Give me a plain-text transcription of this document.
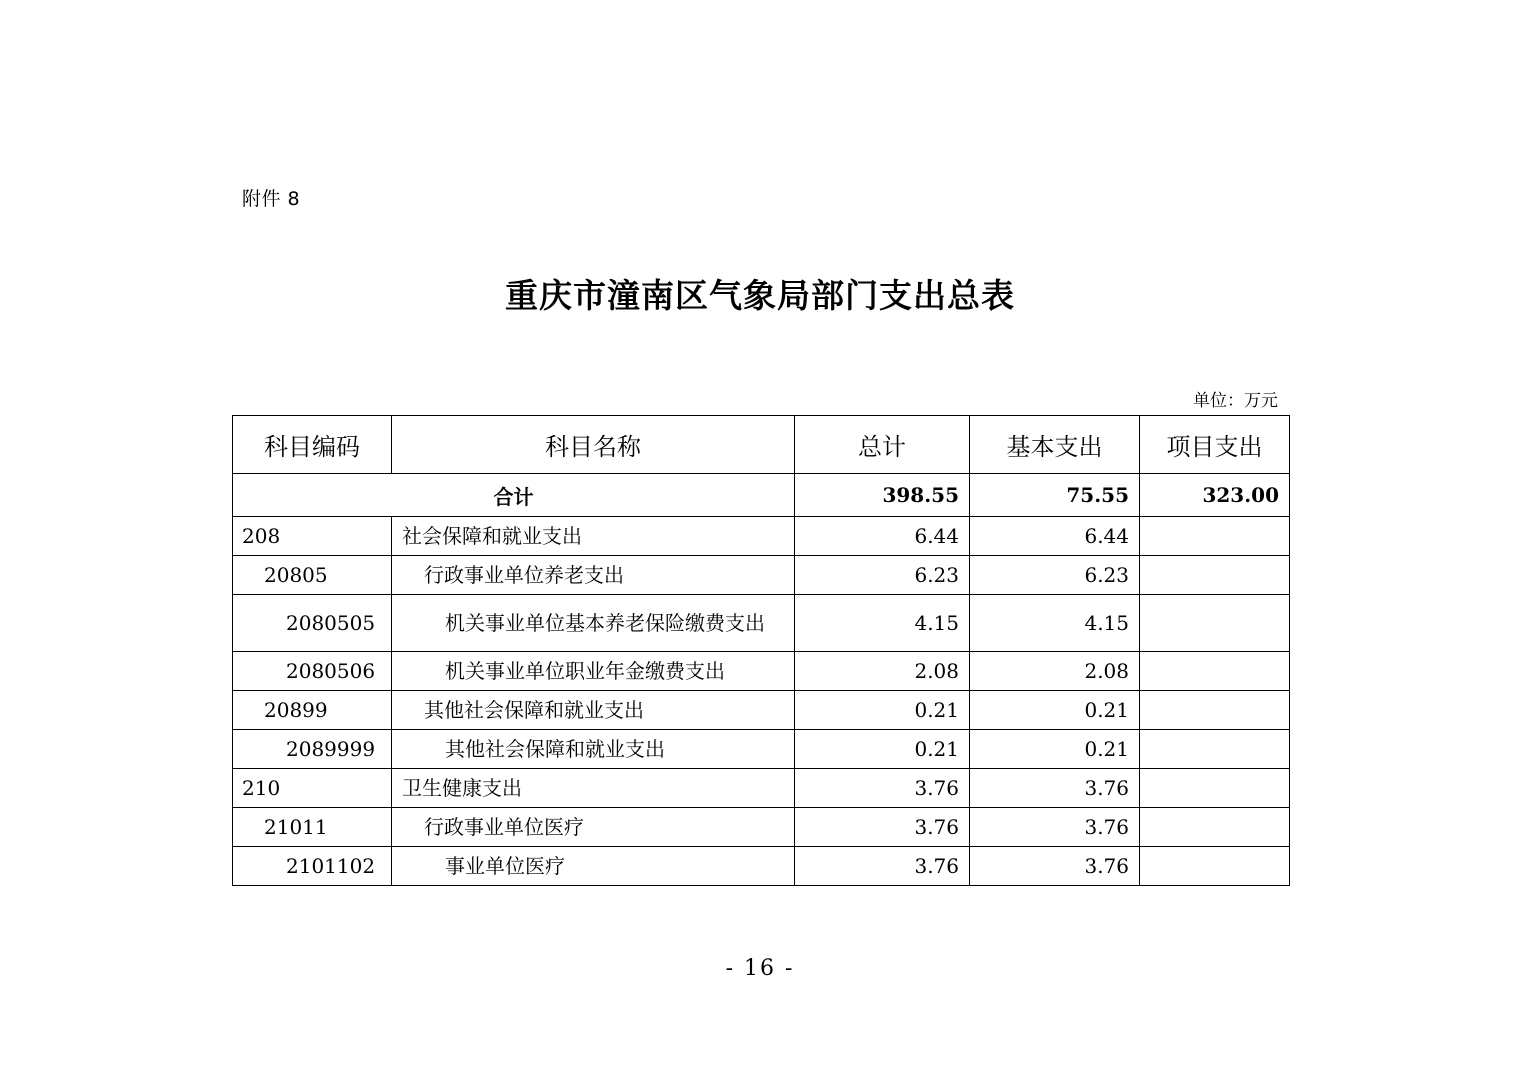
附件 8
重庆市潼南区气象局部门支出总表
单位：万元
科目编码	科目名称	总计	基本支出	项目支出
合计		398.55	75.55	323.00
208	社会保障和就业支出	6.44	6.44	
20805	行政事业单位养老支出	6.23	6.23	
2080505	机关事业单位基本养老保险缴费支出	4.15	4.15	
2080506	机关事业单位职业年金缴费支出	2.08	2.08	
20899	其他社会保障和就业支出	0.21	0.21	
2089999	其他社会保障和就业支出	0.21	0.21	
210	卫生健康支出	3.76	3.76	
21011	行政事业单位医疗	3.76	3.76	
2101102	事业单位医疗	3.76	3.76	
- 16 -
